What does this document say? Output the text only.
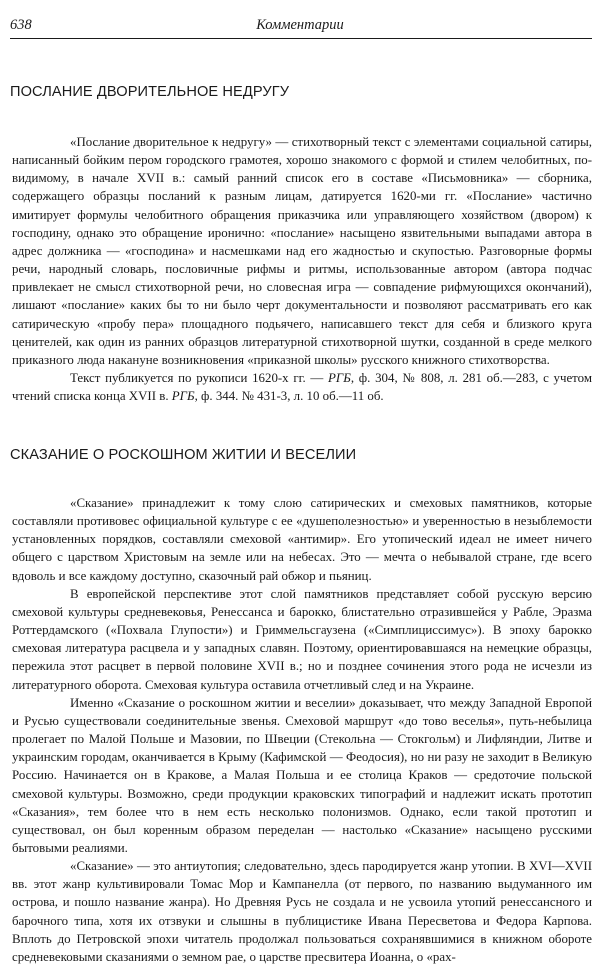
638	Комментарии
ПОСЛАНИЕ ДВОРИТЕЛЬНОЕ НЕДРУГУ

«Послание дворительное к недругу» — стихотворный текст с элементами социальной сатиры, написанный бойким пером городского грамотея, хорошо знакомого с формой и стилем челобитных, по-видимому, в начале XVII в.: самый ранний список его в составе «Письмовника» — сборника, содержащего образцы посланий к разным лицам, датируется 1620-ми гг. «Послание» частично имитирует формулы челобитного обращения приказчика или управляющего хозяйством (двором) к господину, однако это обращение иронично: «послание» насыщено язвительными выпадами автора в адрес должника — «господина» и насмешками над его жадностью и скупостью. Разговорные формы речи, народный словарь, пословичные рифмы и ритмы, использованные автором (автора подчас привлекает не смысл стихотворной речи, но словесная игра — совпадение рифмующихся окончаний), лишают «послание» каких бы то ни было черт документальности и позволяют рассматривать его как сатирическую «пробу пера» площадного подьячего, написавшего текст для себя и близкого круга ценителей, как один из ранних образцов литературной стихотворной шутки, созданной в среде мелкого приказного люда накануне возникновения «приказной школы» русского книжного стихотворства.

Текст публикуется по рукописи 1620-х гг. — РГБ, ф. 304, № 808, л. 281 об.—283, с учетом чтений списка конца XVII в. РГБ, ф. 344. № 431-3, л. 10 об.—11 об.

СКАЗАНИЕ О РОСКОШНОМ ЖИТИИ И ВЕСЕЛИИ

«Сказание» принадлежит к тому слою сатирических и смеховых памятников, которые составляли противовес официальной культуре с ее «душеполезностью» и уверенностью в незыблемости установленных порядков, составляли смеховой «антимир». Его утопический идеал не имеет ничего общего с царством Христовым на земле или на небесах. Это — мечта о небывалой стране, где всего вдоволь и все каждому доступно, сказочный рай обжор и пьяниц.

В европейской перспективе этот слой памятников представляет собой русскую версию смеховой культуры средневековья, Ренессанса и барокко, блистательно отразившейся у Рабле, Эразма Роттердамского («Похвала Глупости») и Гриммельсгаузена («Симплициссимус»). В эпоху барокко смеховая литература расцвела и у западных славян. Поэтому, ориентировавшаяся на немецкие образцы, пережила этот расцвет в первой половине XVII в.; но и позднее сочинения этого рода не исчезли из литературного оборота. Смеховая культура оставила отчетливый след и на Украине.

Именно «Сказание о роскошном житии и веселии» доказывает, что между Западной Европой и Русью существовали соединительные звенья. Смеховой маршрут «до тово веселья», путь-небылица пролегает по Малой Польше и Мазовии, по Швеции (Стекольна — Стокгольм) и Лифляндии, Литве и украинским городам, оканчивается в Крыму (Кафимской — Феодосия), но ни разу не заходит в Великую Россию. Начинается он в Кракове, а Малая Польша и ее столица Краков — средоточие польской смеховой культуры. Возможно, среди продукции краковских типографий и надлежит искать прототип «Сказания», тем более что в нем есть несколько полонизмов. Однако, если такой прототип и существовал, он был коренным образом переделан — настолько «Сказание» насыщено русскими бытовыми реалиями.

«Сказание» — это антиутопия; следовательно, здесь пародируется жанр утопии. В XVI—XVII вв. этот жанр культивировали Томас Мор и Кампанелла (от первого, по названию выдуманного им острова, и пошло название жанра). Но Древняя Русь не создала и не усвоила утопий ренессансного и барочного типа, хотя их отзвуки и слышны в публицистике Ивана Пересветова и Федора Карпова. Вплоть до Петровской эпохи читатель продолжал пользоваться сохранявшимися в книжном обороте средневековыми сказаниями о земном рае, о царстве пресвитера Иоанна, о «рах-
